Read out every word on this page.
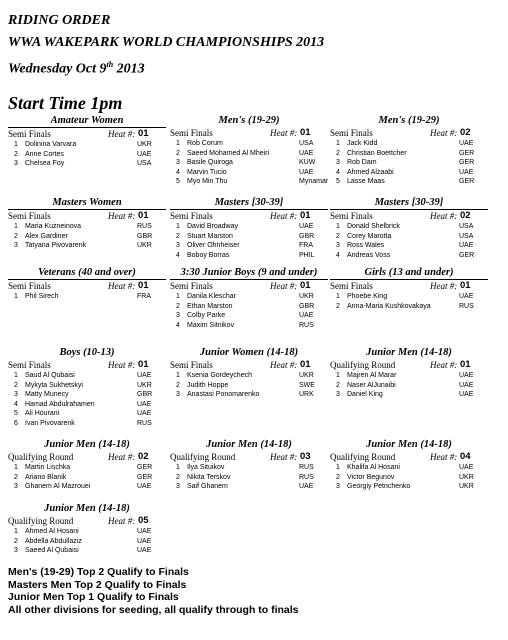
RIDING ORDER
WWA WAKEPARK WORLD CHAMPIONSHIPS 2013
Wednesday Oct 9th 2013
Start Time 1pm
Amateur Women
Semi Finals	Heat #: 01
1 Dolinina Varvara	UKR
2 Anne Cortes	UAE
3 Chelsea Foy	USA
Men's (19-29)
Semi Finals	Heat #: 01
1 Rob Corum	USA
2 Saeed Mohamed Al Mheiri	UAE
3 Basile Quiroga	KUW
4 Marvin Tucio	UAE
5 Myo Min Thu	Mynamar
Men's (19-29)
Semi Finals	Heat #: 02
1 Jack Kidd	UAE
2 Christian Boettcher	GER
3 Rob Dam	GER
4 Ahmed Alzaabi	UAE
5 Lasse Maas	GER
Masters Women
Semi Finals	Heat #: 01
1 Maria Kuzneinova	RUS
2 Alex Gardiner	GBR
3 Tatyana Pivovarenk	UKR
Masters [30-39]
Semi Finals	Heat #: 01
1 David Broadway	UAE
2 Stuart Marston	GBR
3 Oliver Ohnheiser	FRA
4 Boboy Borras	PHIL
Masters [30-39]
Semi Finals	Heat #: 02
1 Donald Shelbrick	USA
2 Corey Marotta	USA
3 Ross Wales	UAE
4 Andreas Voss	GER
Veterans (40 and over)
Semi Finals	Heat #: 01
1 Phil Sirech	FRA
3:30 Junior Boys (9 and under)
Semi Finals	Heat #: 01
1 Danila Kleschar	UKR
2 Ethan Marston	GBR
3 Colby Parke	UAE
4 Maxim Sitnikov	RUS
Girls (13 and under)
Semi Finals	Heat #: 01
1 Phoebe King	UAE
2 Anna-Maria Kushkovakaya	RUS
Boys (10-13)
Semi Finals	Heat #: 01
1 Saud Al Qubaisi	UAE
2 Mykyta Sukhetskyi	UKR
3 Matty Munecy	GBR
4 Hamad Abdulrahamen	UAE
5 Ali Hourani	UAE
6 Ivan Pivovarenk	RUS
Junior Women (14-18)
Semi Finals	Heat #: 01
1 Ksenia Gordeychech	UKR
2 Judith Hoppe	SWE
3 Anastasi Ponomarenko	URK
Junior Men (14-18)
Qualifying Round	Heat #: 01
1 Majren Al Marar	UAE
2 Naser AlJunaibi	UAE
3 Daniel King	UAE
Junior Men (14-18)
Qualifying Round	Heat #: 02
1 Martin Lischka	GER
2 Ariano Blanik	GER
3 Ghanem Al Mazrouei	UAE
Junior Men (14-18)
Qualifying Round	Heat #: 03
1 Ilya Situikov	RUS
2 Nikita Terskov	RUS
3 Saif Ghanem	UAE
Junior Men (14-18)
Qualifying Round	Heat #: 04
1 Khalifa Al Hosani	UAE
2 Victor Begunov	UKR
3 Georgiy Petrichenko	UKR
Junior Men (14-18)
Qualifying Round	Heat #: 05
1 Ahmed Al Hosani	UAE
2 Abdella Abdullaziz	UAE
3 Saeed Al Qubaisi	UAE
Men's (19-29) Top 2 Qualify to Finals
Masters Men Top 2 Qualify to Finals
Junior Men Top 1 Qualify to Finals
All other divisions for seeding, all qualify through to finals
